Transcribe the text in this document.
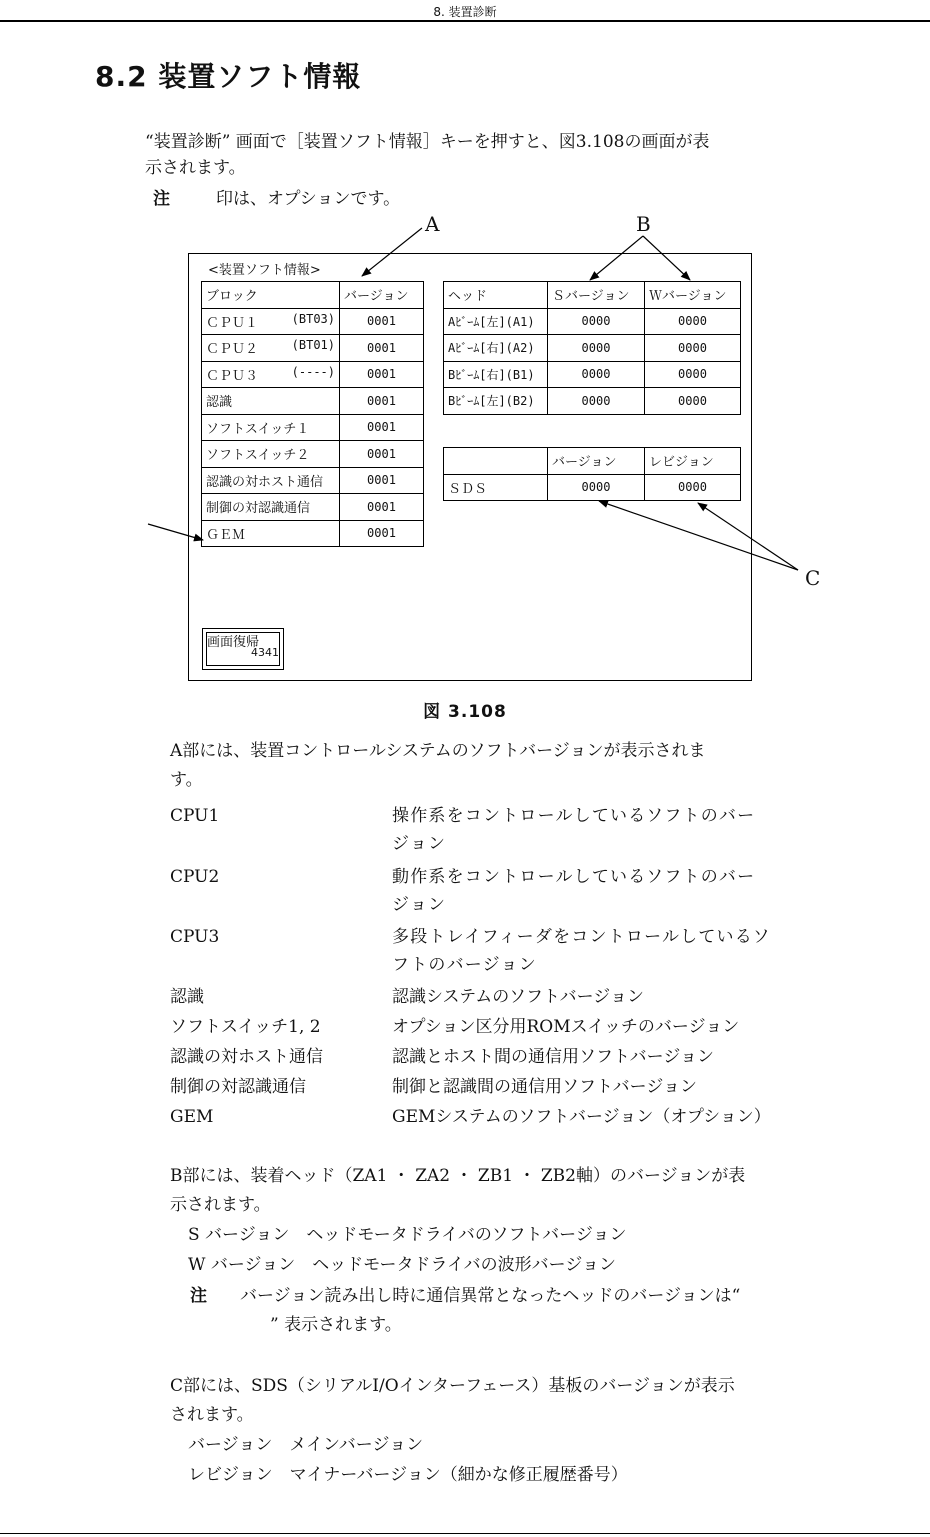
8. 装置診断
8.2 装置ソフト情報
“装置診断” 画面で［装置ソフト情報］キーを押すと、図3.108の画面が表
示されます。
注	印は、オプションです。
<装置ソフト情報>
ブロック	バージョン
ＣＰＵ１ (BT03)	0001
ＣＰＵ２ (BT01)	0001
ＣＰＵ３ (----)	0001
認識	0001
ソフトスイッチ１	0001
ソフトスイッチ２	0001
認識の対ホスト通信	0001
制御の対認識通信	0001
ＧＥＭ	0001
ヘッド	Ｓバージョン	Ｗバージョン
Aﾋﾞｰﾑ[左](A1)	0000	0000
Aﾋﾞｰﾑ[右](A2)	0000	0000
Bﾋﾞｰﾑ[右](B1)	0000	0000
Bﾋﾞｰﾑ[左](B2)	0000	0000
	バージョン	レビジョン
ＳＤＳ	0000	0000
画面復帰
4341
A	B
C
図 3.108
A部には、装置コントロールシステムのソフトバージョンが表示されま
す。
CPU1	操作系をコントロールしているソフトのバー
ジョン
CPU2	動作系をコントロールしているソフトのバー
ジョン
CPU3	多段トレイフィーダをコントロールしているソ
フトのバージョン
認識	認識システムのソフトバージョン
ソフトスイッチ1, 2	オプション区分用ROMスイッチのバージョン
認識の対ホスト通信	認識とホスト間の通信用ソフトバージョン
制御の対認識通信	制御と認識間の通信用ソフトバージョン
GEM	GEMシステムのソフトバージョン（オプション）
B部には、装着ヘッド（ZA1 ・ ZA2 ・ ZB1 ・ ZB2軸）のバージョンが表
示されます。
S バージョン　ヘッドモータドライバのソフトバージョン
W バージョン　ヘッドモータドライバの波形バージョン
注 バージョン読み出し時に通信異常となったヘッドのバージョンは“
” 表示されます。
C部には、SDS（シリアルI/Oインターフェース）基板のバージョンが表示
されます。
バージョン　メインバージョン
レビジョン　マイナーバージョン（細かな修正履歴番号）
